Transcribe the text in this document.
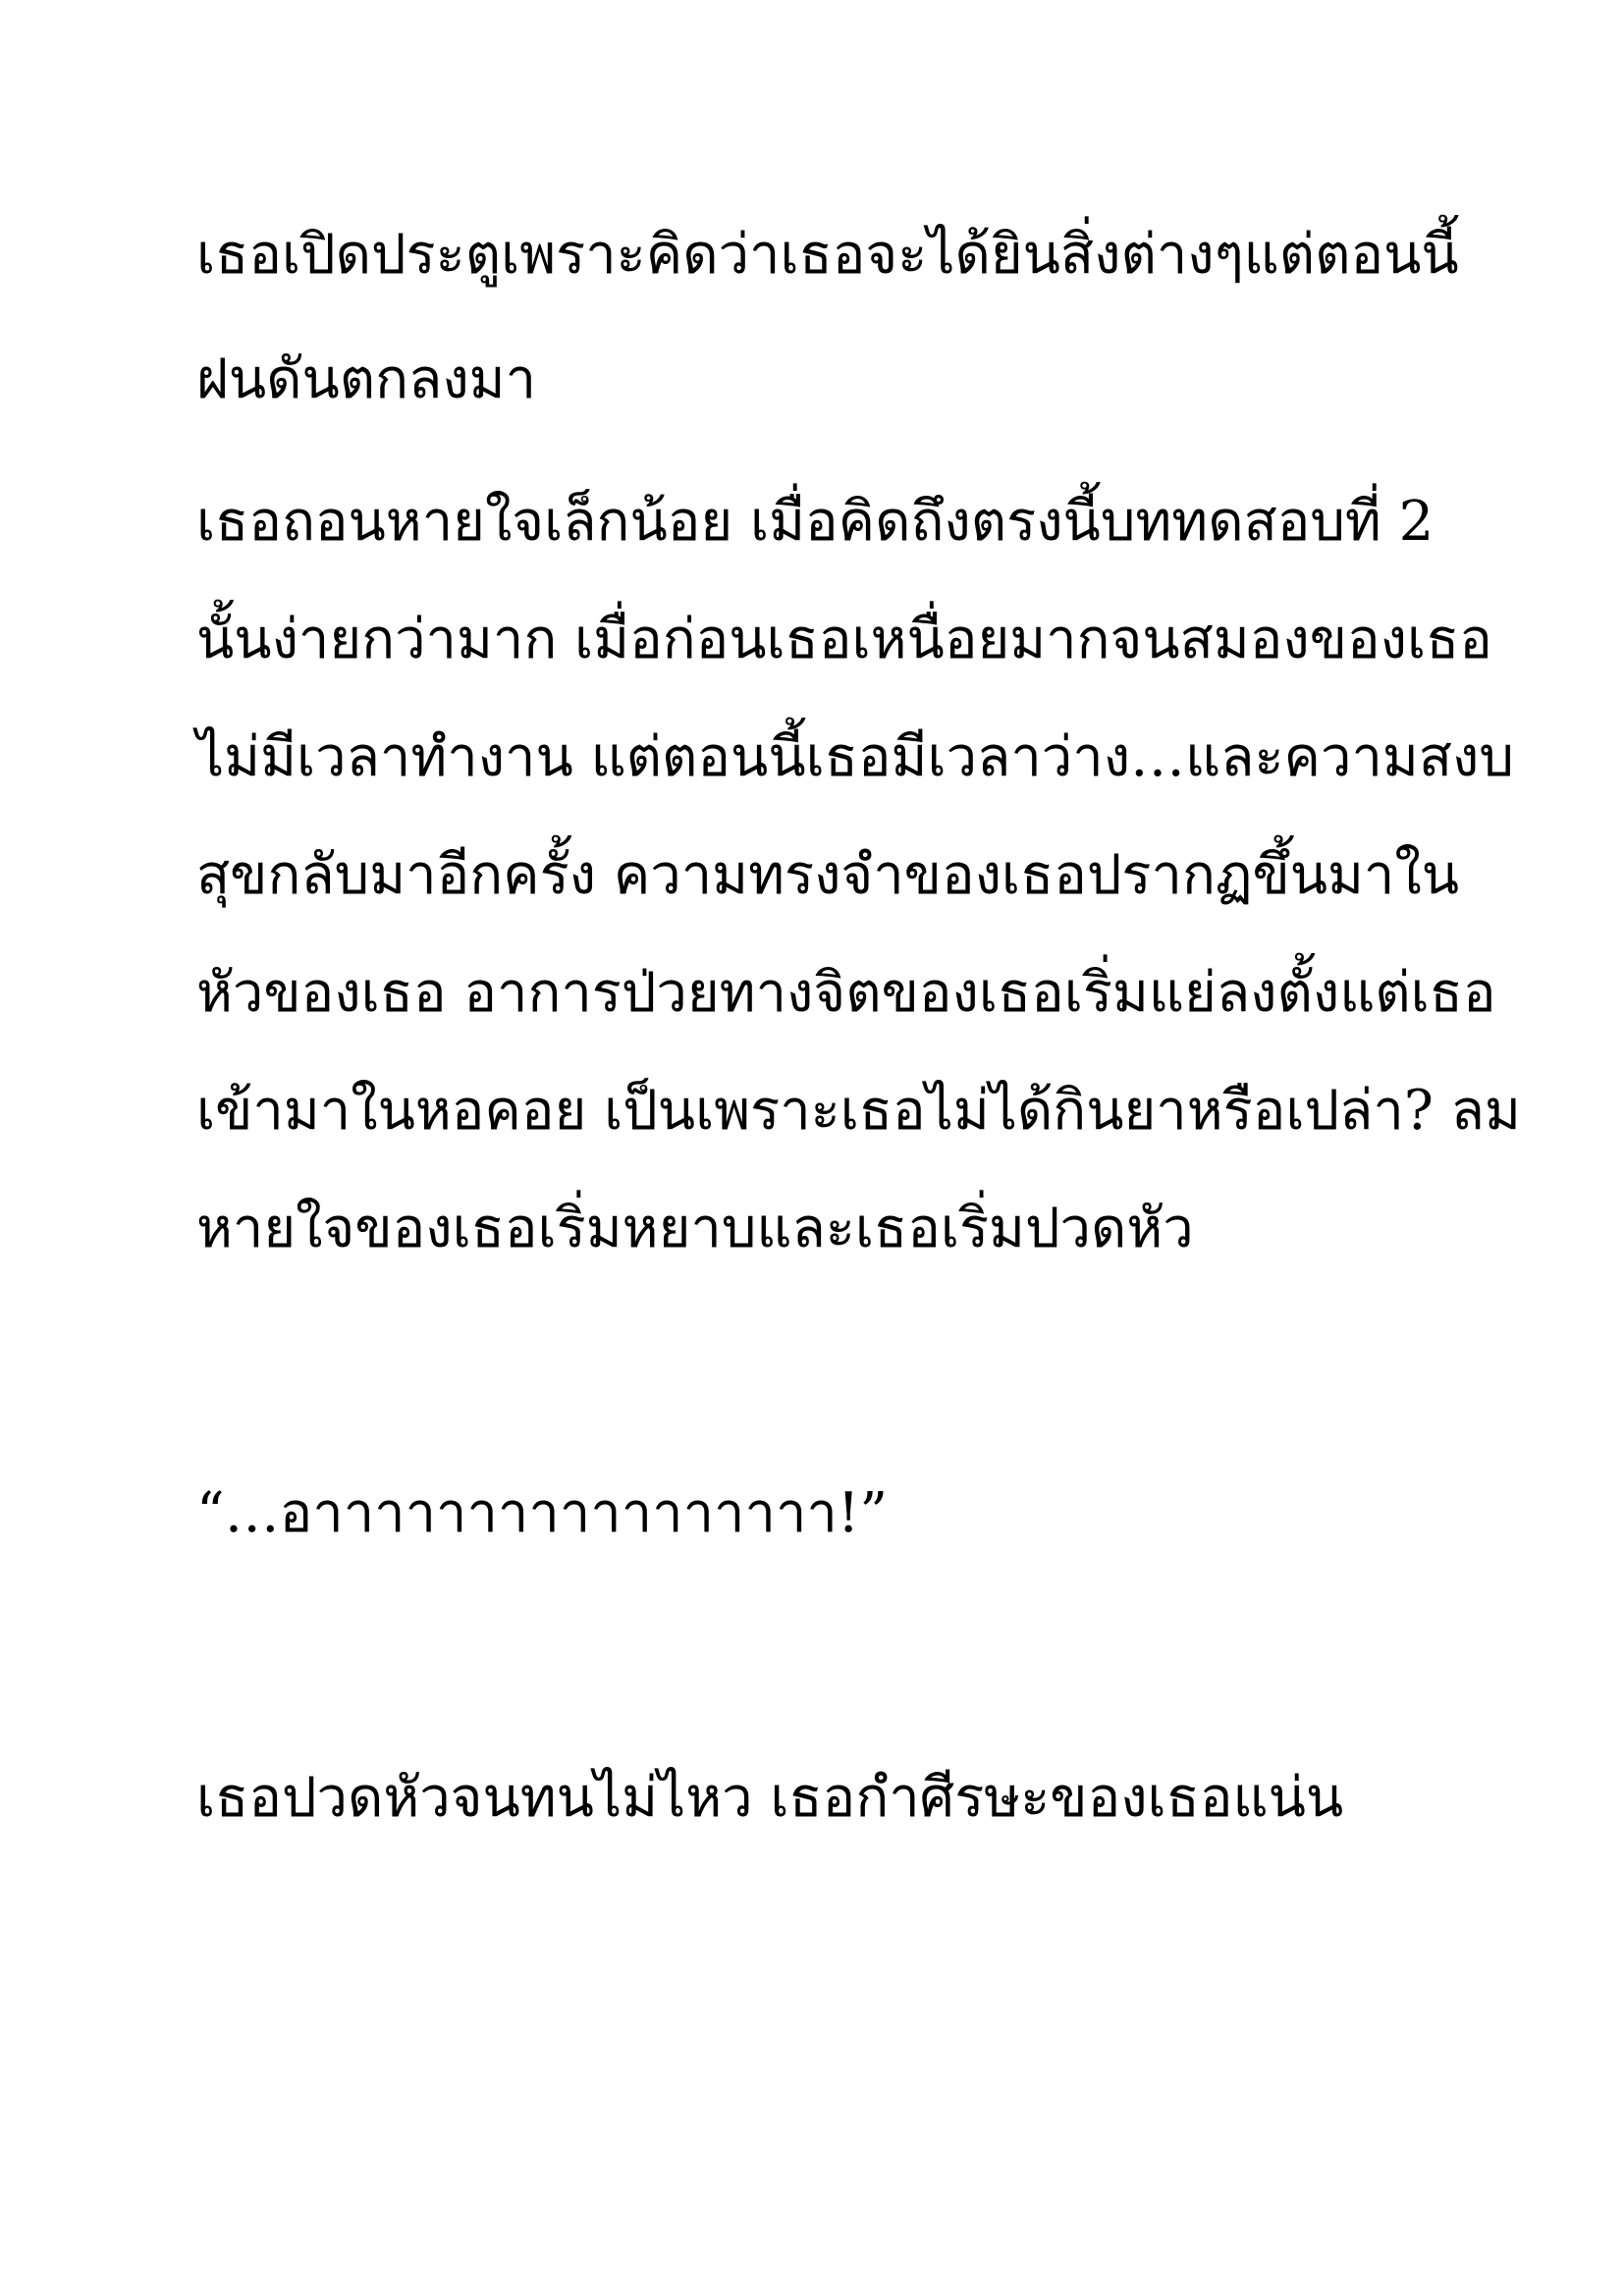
เธอเปิดประตูเพราะคิดว่าเธอจะได้ยินสิ่งต่างๆแต่ตอนนี้
ฝนดันตกลงมา
เธอถอนหายใจเล็กน้อย เมื่อคิดถึงตรงนี้บททดสอบที่ 2
นั้นง่ายกว่ามาก เมื่อก่อนเธอเหนื่อยมากจนสมองของเธอ
ไม่มีเวลาทำงาน แต่ตอนนี้เธอมีเวลาว่าง…และความสงบ
สุขกลับมาอีกครั้ง ความทรงจำของเธอปรากฏขึ้นมาใน
หัวของเธอ อาการป่วยทางจิตของเธอเริ่มแย่ลงตั้งแต่เธอ
เข้ามาในหอคอย เป็นเพราะเธอไม่ได้กินยาหรือเปล่า? ลม
หายใจของเธอเริ่มหยาบและเธอเริ่มปวดหัว
“…อาาาาาาาาาาาาาาาาา!”
เธอปวดหัวจนทนไม่ไหว เธอกำศีรษะของเธอแน่น
